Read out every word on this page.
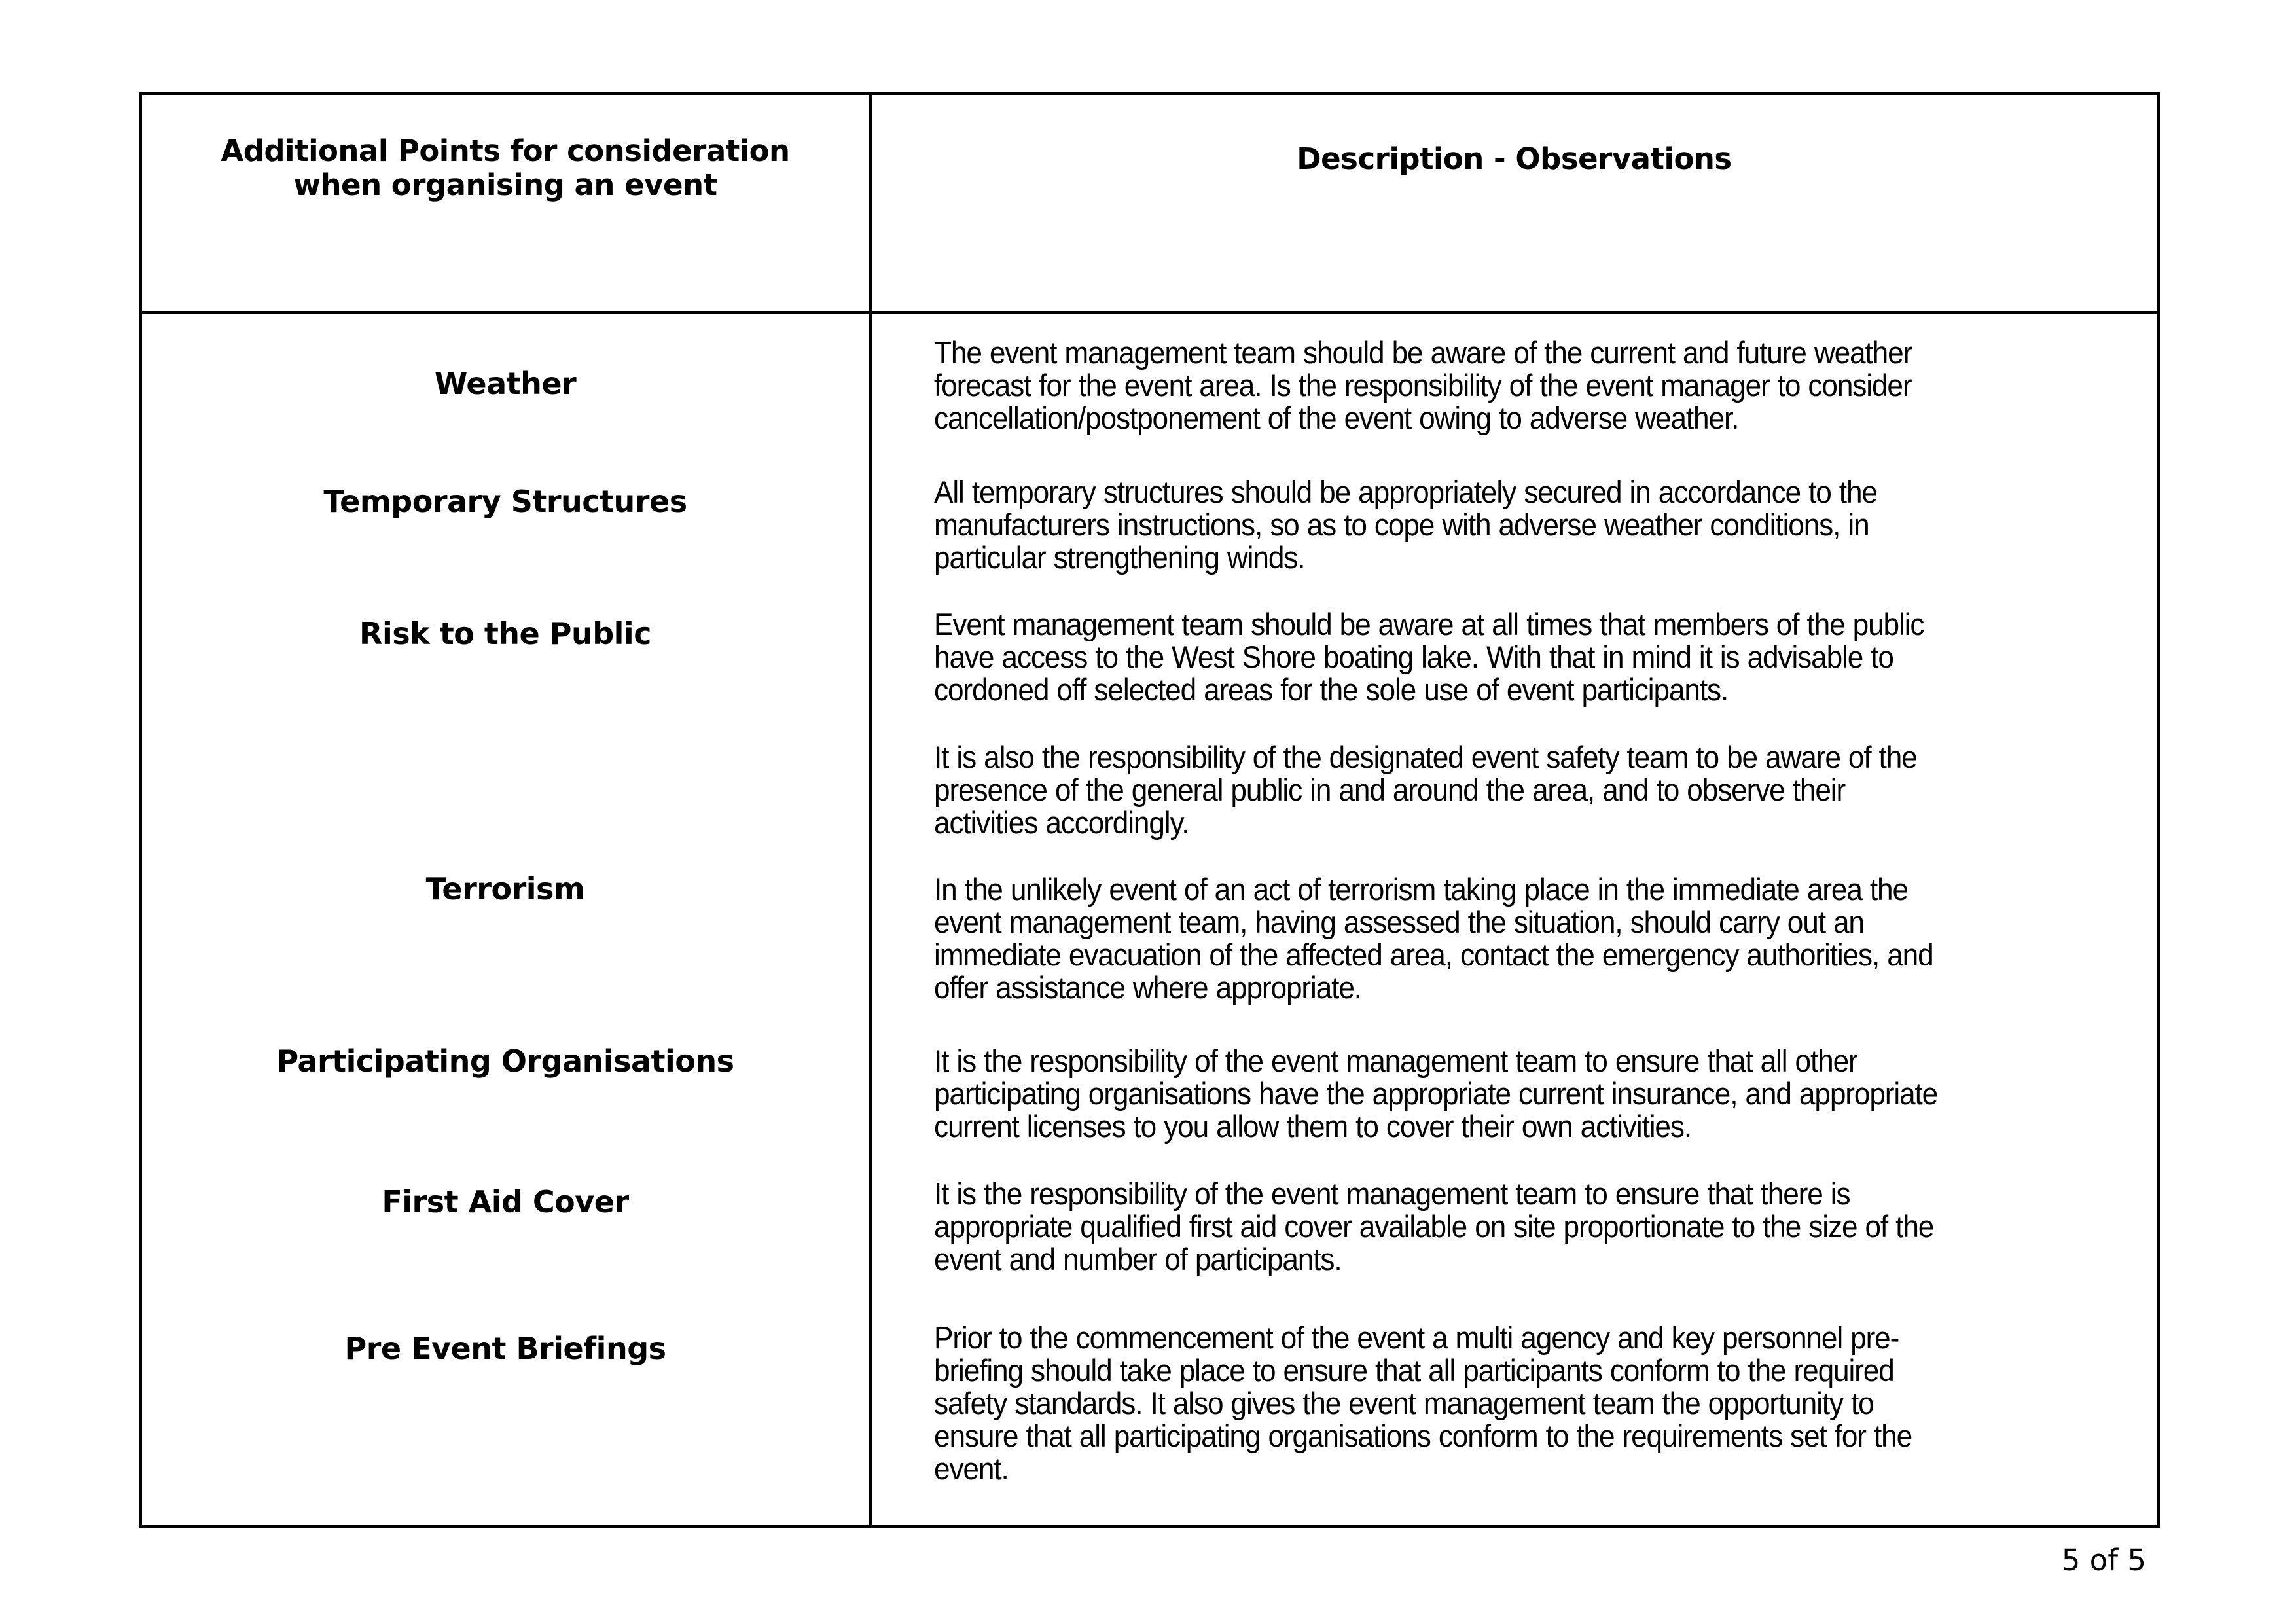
Additional Points for consideration
when organising an event
Description - Observations
Weather
Temporary Structures
Risk to the Public
Terrorism
Participating Organisations
First Aid Cover
Pre Event Briefings
The event management team should be aware of the current and future weather
forecast for the event area. Is the responsibility of the event manager to consider
cancellation/postponement of the event owing to adverse weather.
All temporary structures should be appropriately secured in accordance to the
manufacturers instructions, so as to cope with adverse weather conditions, in
particular strengthening winds.
Event management team should be aware at all times that members of the public
have access to the West Shore boating lake. With that in mind it is advisable to
cordoned off selected areas for the sole use of event participants.
It is also the responsibility of the designated event safety team to be aware of the
presence of the general public in and around the area, and to observe their
activities accordingly.
In the unlikely event of an act of terrorism taking place in the immediate area the
event management team, having assessed the situation, should carry out an
immediate evacuation of the affected area, contact the emergency authorities, and
offer assistance where appropriate.
It is the responsibility of the event management team to ensure that all other
participating organisations have the appropriate current insurance, and appropriate
current licenses to you allow them to cover their own activities.
It is the responsibility of the event management team to ensure that there is
appropriate qualified first aid cover available on site proportionate to the size of the
event and number of participants.
Prior to the commencement of the event a multi agency and key personnel pre-
briefing should take place to ensure that all participants conform to the required
safety standards. It also gives the event management team the opportunity to
ensure that all participating organisations conform to the requirements set for the
event.
5 of 5
